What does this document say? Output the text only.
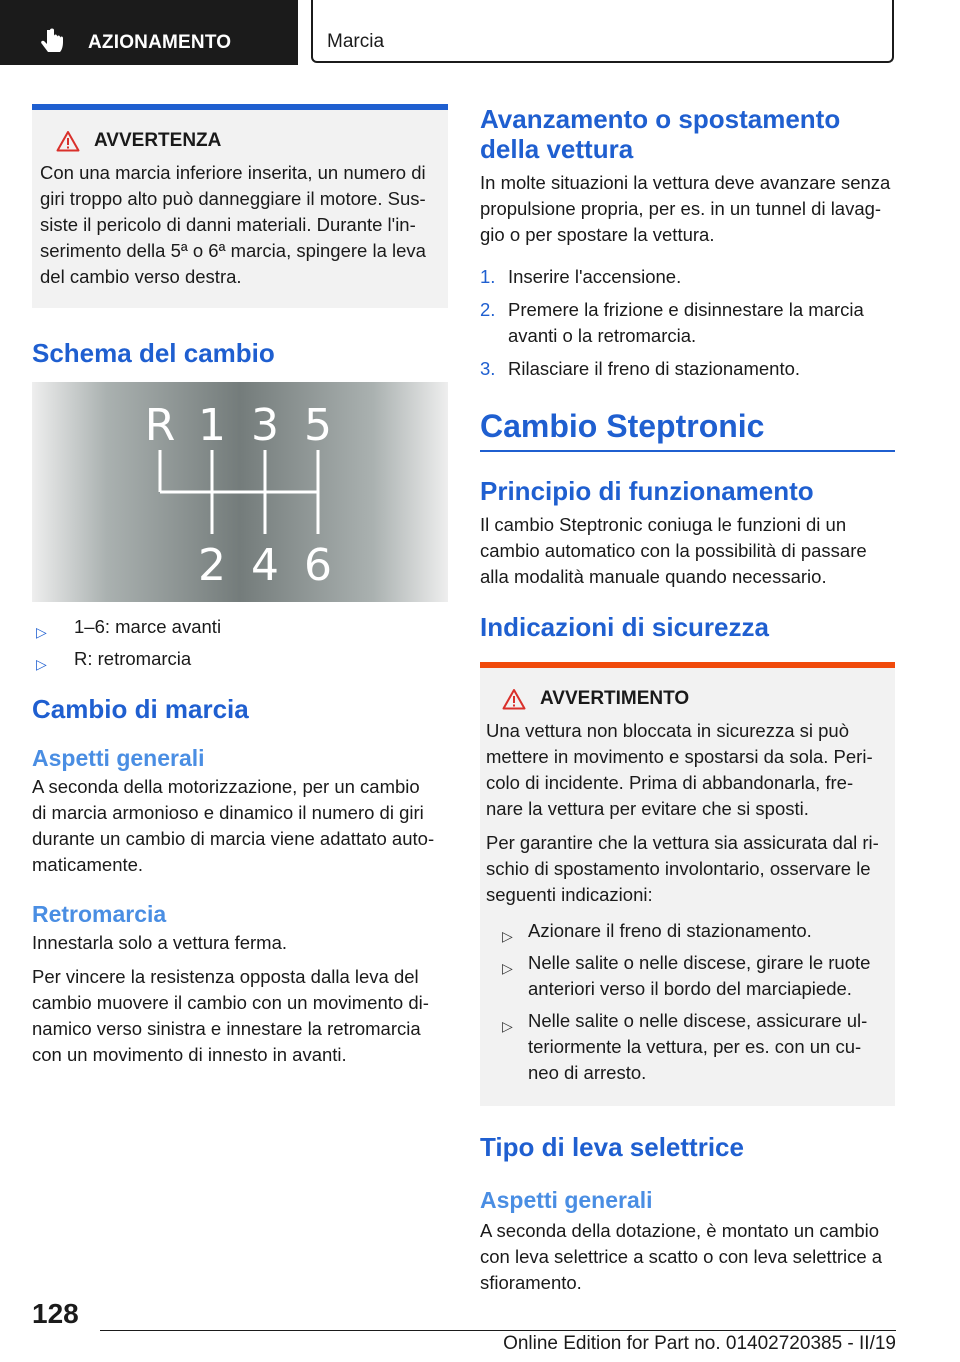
AZIONAMENTO	Marcia
AVVERTENZA

Con una marcia inferiore inserita, un numero di
giri troppo alto può danneggiare il motore. Sus-
siste il pericolo di danni materiali. Durante l'in-
serimento della 5ª o 6ª marcia, spingere la leva
del cambio verso destra.

Schema del cambio
R 1 3 5
2 4 6
▷ 1–6: marce avanti
▷ R: retromarcia
Cambio di marcia
Aspetti generali

A seconda della motorizzazione, per un cambio
di marcia armonioso e dinamico il numero di giri
durante un cambio di marcia viene adattato auto-
maticamente.

Retromarcia

Innestarla solo a vettura ferma.

Per vincere la resistenza opposta dalla leva del
cambio muovere il cambio con un movimento di-
namico verso sinistra e innestare la retromarcia
con un movimento di innesto in avanti.

Avanzamento o spostamento
della vettura

In molte situazioni la vettura deve avanzare senza
propulsione propria, per es. in un tunnel di lavag-
gio o per spostare la vettura.

1. Inserire l'accensione.
2. Premere la frizione e disinnestare la marcia
avanti o la retromarcia.
3. Rilasciare il freno di stazionamento.
Cambio Steptronic
Principio di funzionamento

Il cambio Steptronic coniuga le funzioni di un
cambio automatico con la possibilità di passare
alla modalità manuale quando necessario.

Indicazioni di sicurezza
AVVERTIMENTO

Una vettura non bloccata in sicurezza si può
mettere in movimento e spostarsi da sola. Peri-
colo di incidente. Prima di abbandonarla, fre-
nare la vettura per evitare che si sposti.

Per garantire che la vettura sia assicurata dal ri-
schio di spostamento involontario, osservare le
seguenti indicazioni:

▷ Azionare il freno di stazionamento.
▷ Nelle salite o nelle discese, girare le ruote
anteriori verso il bordo del marciapiede.
▷ Nelle salite o nelle discese, assicurare ul-
teriormente la vettura, per es. con un cu-
neo di arresto.
Tipo di leva selettrice
Aspetti generali

A seconda della dotazione, è montato un cambio
con leva selettrice a scatto o con leva selettrice a
sfioramento.

128
Online Edition for Part no. 01402720385 - II/19
